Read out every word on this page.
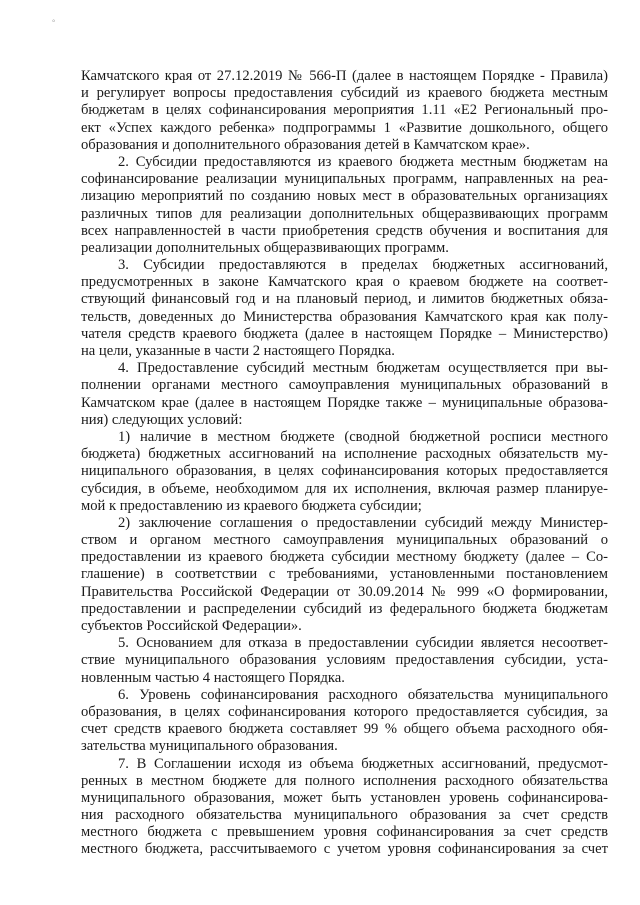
°
Камчатского края от 27.12.2019 № 566-П (далее в настоящем Порядке - Правила)
и регулирует вопросы предоставления субсидий из краевого бюджета местным
бюджетам в целях софинансирования мероприятия 1.11 «Е2 Региональный про-
ект «Успех каждого ребенка» подпрограммы 1 «Развитие дошкольного, общего
образования и дополнительного образования детей в Камчатском крае».
2. Субсидии предоставляются из краевого бюджета местным бюджетам на
софинансирование реализации муниципальных программ, направленных на реа-
лизацию мероприятий по созданию новых мест в образовательных организациях
различных типов для реализации дополнительных общеразвивающих программ
всех направленностей в части приобретения средств обучения и воспитания для
реализации дополнительных общеразвивающих программ.
3. Субсидии предоставляются в пределах бюджетных ассигнований,
предусмотренных в законе Камчатского края о краевом бюджете на соответ-
ствующий финансовый год и на плановый период, и лимитов бюджетных обяза-
тельств, доведенных до Министерства образования Камчатского края как полу-
чателя средств краевого бюджета (далее в настоящем Порядке – Министерство)
на цели, указанные в части 2 настоящего Порядка.
4. Предоставление субсидий местным бюджетам осуществляется при вы-
полнении органами местного самоуправления муниципальных образований в
Камчатском крае (далее в настоящем Порядке также – муниципальные образова-
ния) следующих условий:
1) наличие в местном бюджете (сводной бюджетной росписи местного
бюджета) бюджетных ассигнований на исполнение расходных обязательств му-
ниципального образования, в целях софинансирования которых предоставляется
субсидия, в объеме, необходимом для их исполнения, включая размер планируе-
мой к предоставлению из краевого бюджета субсидии;
2) заключение соглашения о предоставлении субсидий между Министер-
ством и органом местного самоуправления муниципальных образований о
предоставлении из краевого бюджета субсидии местному бюджету (далее – Со-
глашение) в соответствии с требованиями, установленными постановлением
Правительства Российской Федерации от 30.09.2014 № 999 «О формировании,
предоставлении и распределении субсидий из федерального бюджета бюджетам
субъектов Российской Федерации».
5. Основанием для отказа в предоставлении субсидии является несоответ-
ствие муниципального образования условиям предоставления субсидии, уста-
новленным частью 4 настоящего Порядка.
6. Уровень софинансирования расходного обязательства муниципального
образования, в целях софинансирования которого предоставляется субсидия, за
счет средств краевого бюджета составляет 99 % общего объема расходного обя-
зательства муниципального образования.
7. В Соглашении исходя из объема бюджетных ассигнований, предусмот-
ренных в местном бюджете для полного исполнения расходного обязательства
муниципального образования, может быть установлен уровень софинансирова-
ния расходного обязательства муниципального образования за счет средств
местного бюджета с превышением уровня софинансирования за счет средств
местного бюджета, рассчитываемого с учетом уровня софинансирования за счет
